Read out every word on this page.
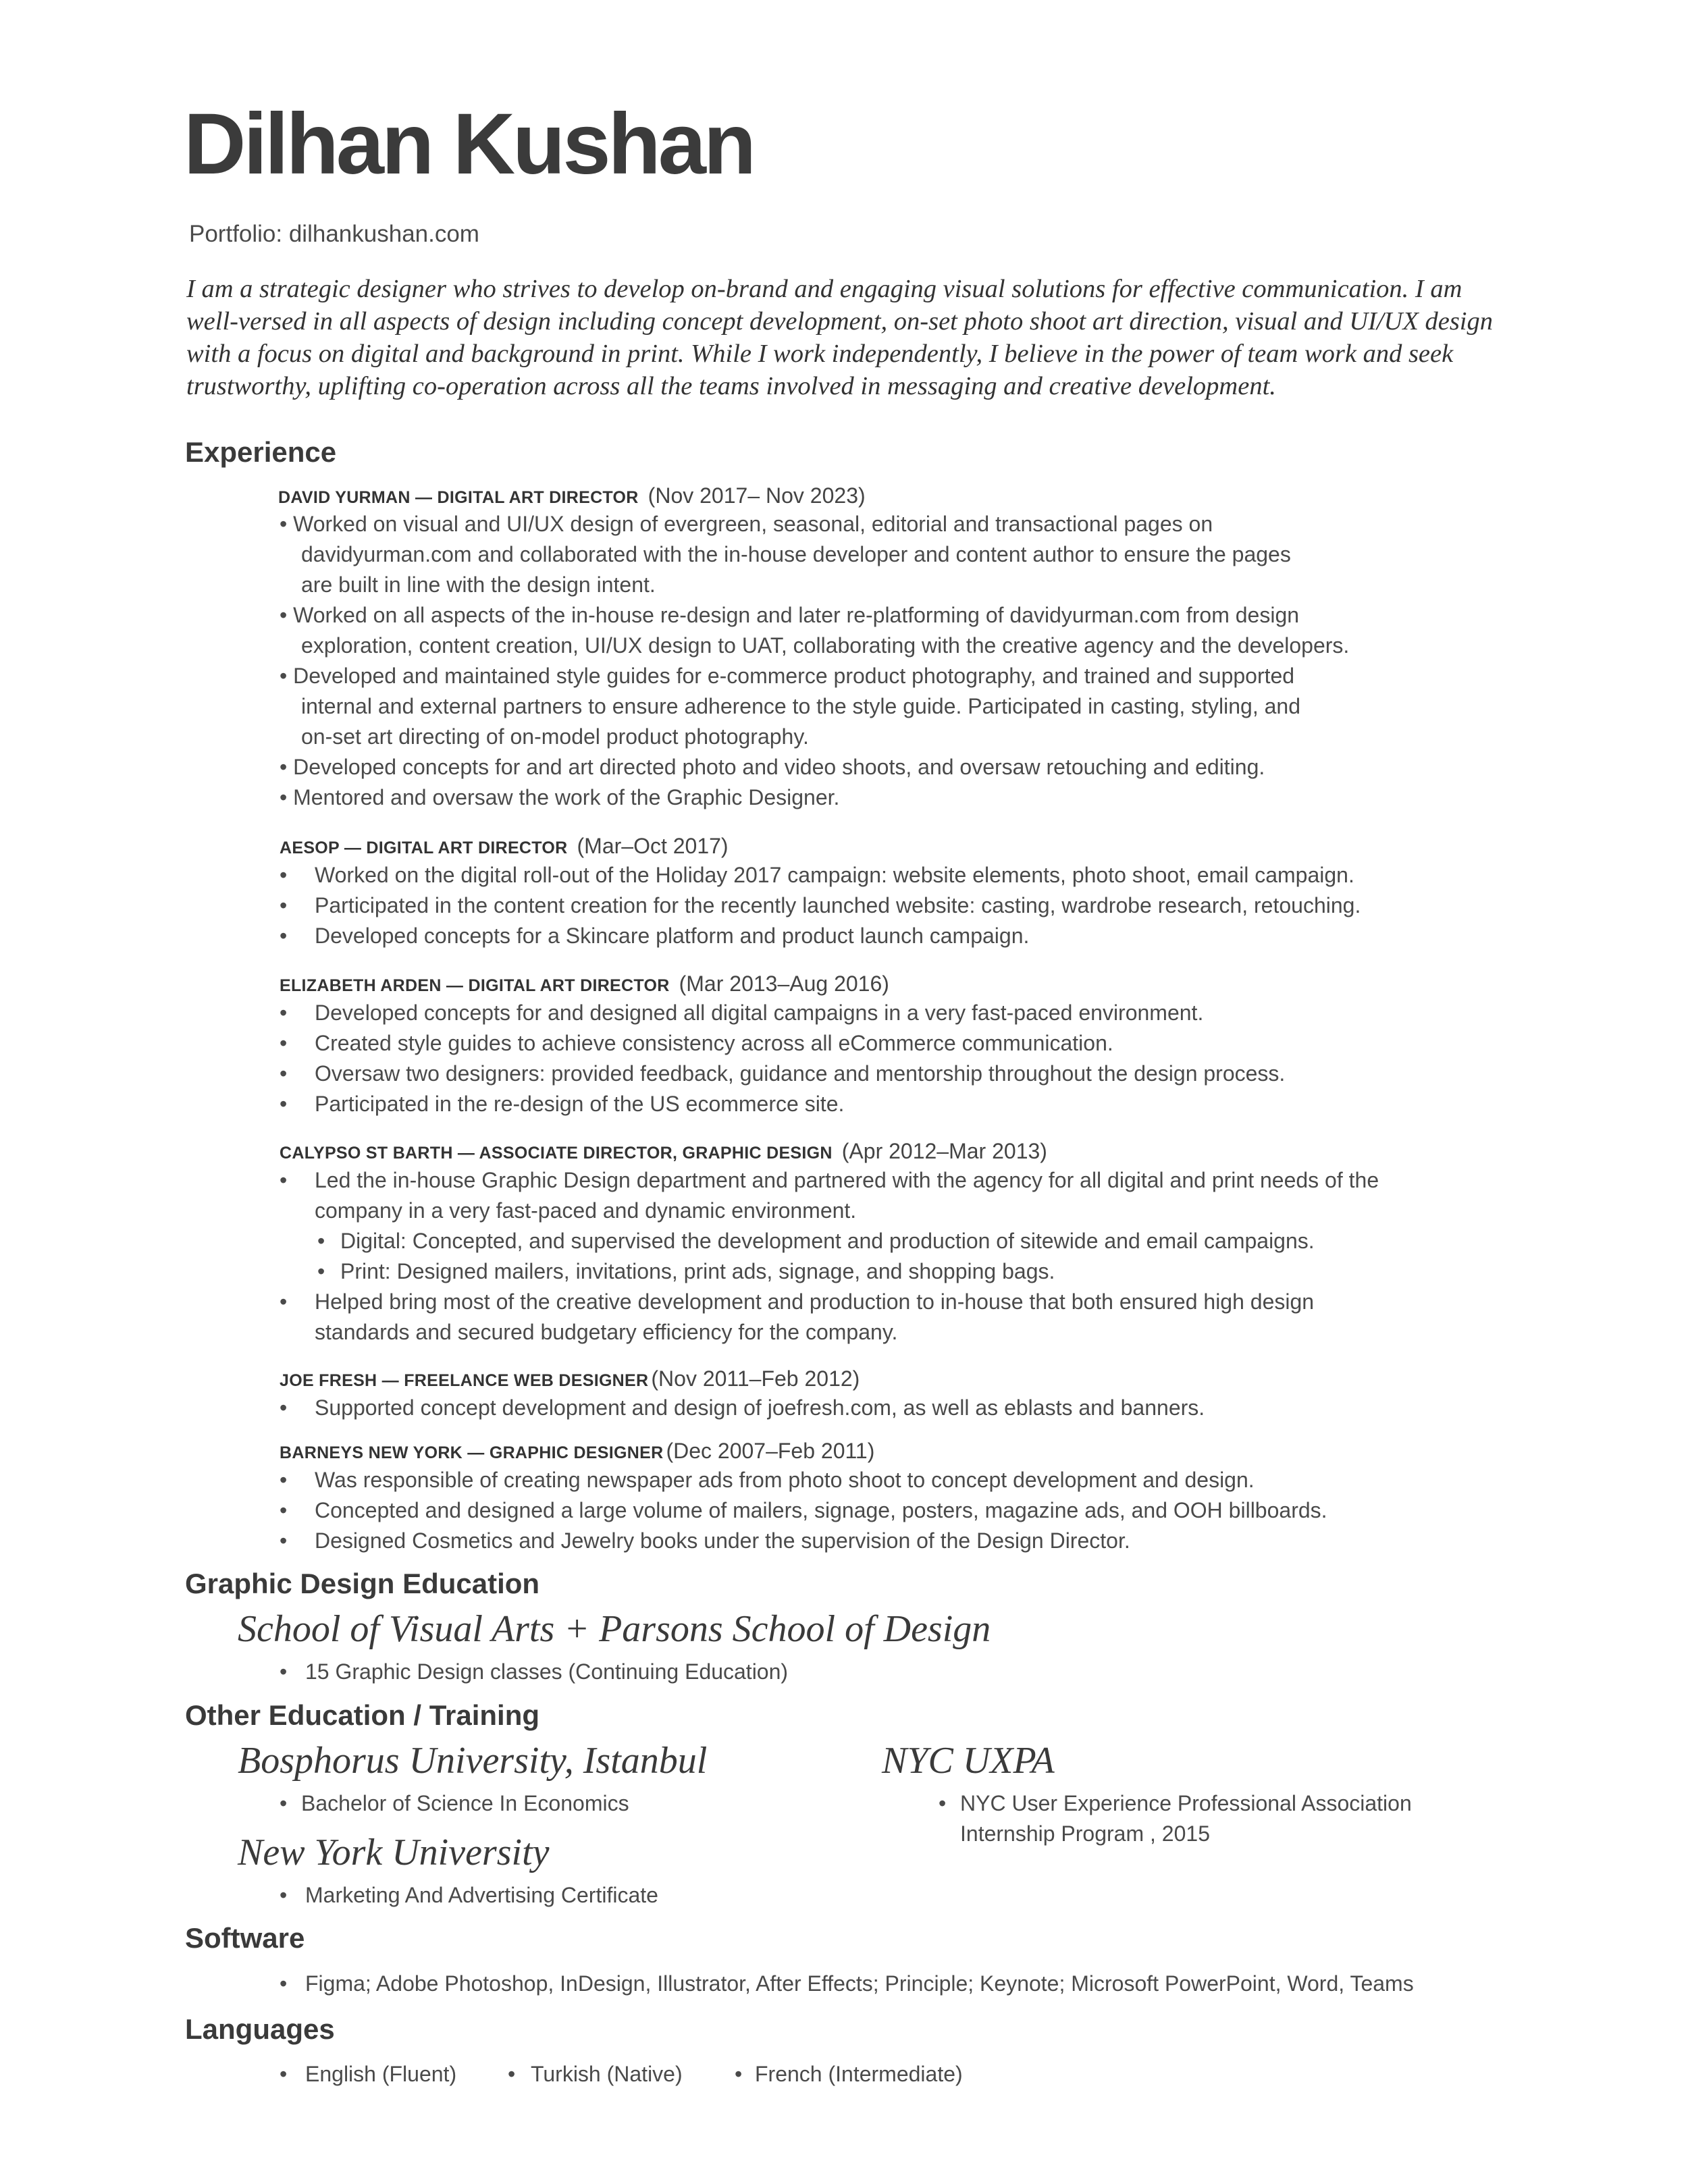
Dilhan Kushan
Portfolio: dilhankushan.com

I am a strategic designer who strives to develop on-brand and engaging visual solutions for effective communication. I am
well-versed in all aspects of design including concept development, on-set photo shoot art direction, visual and UI/UX design
with a focus on digital and background in print. While I work independently, I believe in the power of team work and seek
trustworthy, uplifting co-operation across all the teams involved in messaging and creative development.

Experience
DAVID YURMAN — DIGITAL ART DIRECTOR (Nov 2017– Nov 2023)
• Worked on visual and UI/UX design of evergreen, seasonal, editorial and transactional pages on
davidyurman.com and collaborated with the in-house developer and content author to ensure the pages
are built in line with the design intent.
• Worked on all aspects of the in-house re-design and later re-platforming of davidyurman.com from design
exploration, content creation, UI/UX design to UAT, collaborating with the creative agency and the developers.
• Developed and maintained style guides for e-commerce product photography, and trained and supported
internal and external partners to ensure adherence to the style guide. Participated in casting, styling, and
on-set art directing of on-model product photography.
• Developed concepts for and art directed photo and video shoots, and oversaw retouching and editing.
• Mentored and oversaw the work of the Graphic Designer.
AESOP — DIGITAL ART DIRECTOR (Mar–Oct 2017)
• Worked on the digital roll-out of the Holiday 2017 campaign: website elements, photo shoot, email campaign.
• Participated in the content creation for the recently launched website: casting, wardrobe research, retouching.
• Developed concepts for a Skincare platform and product launch campaign.
ELIZABETH ARDEN — DIGITAL ART DIRECTOR (Mar 2013–Aug 2016)
• Developed concepts for and designed all digital campaigns in a very fast-paced environment.
• Created style guides to achieve consistency across all eCommerce communication.
• Oversaw two designers: provided feedback, guidance and mentorship throughout the design process.
• Participated in the re-design of the US ecommerce site.
CALYPSO ST BARTH — ASSOCIATE DIRECTOR, GRAPHIC DESIGN (Apr 2012–Mar 2013)
• Led the in-house Graphic Design department and partnered with the agency for all digital and print needs of the
company in a very fast-paced and dynamic environment.
• Digital: Concepted, and supervised the development and production of sitewide and email campaigns.
• Print: Designed mailers, invitations, print ads, signage, and shopping bags.
• Helped bring most of the creative development and production to in-house that both ensured high design
standards and secured budgetary efficiency for the company.
JOE FRESH — FREELANCE WEB DESIGNER (Nov 2011–Feb 2012)
• Supported concept development and design of joefresh.com, as well as eblasts and banners.
BARNEYS NEW YORK — GRAPHIC DESIGNER (Dec 2007–Feb 2011)
• Was responsible of creating newspaper ads from photo shoot to concept development and design.
• Concepted and designed a large volume of mailers, signage, posters, magazine ads, and OOH billboards.
• Designed Cosmetics and Jewelry books under the supervision of the Design Director.
Graphic Design Education
School of Visual Arts + Parsons School of Design
• 15 Graphic Design classes (Continuing Education)
Other Education / Training
Bosphorus University, Istanbul
• Bachelor of Science In Economics
New York University
• Marketing And Advertising Certificate
NYC UXPA
• NYC User Experience Professional Association
Internship Program , 2015
Software
• Figma; Adobe Photoshop, InDesign, Illustrator, After Effects; Principle; Keynote; Microsoft PowerPoint, Word, Teams
Languages
• English (Fluent) • Turkish (Native) • French (Intermediate)
